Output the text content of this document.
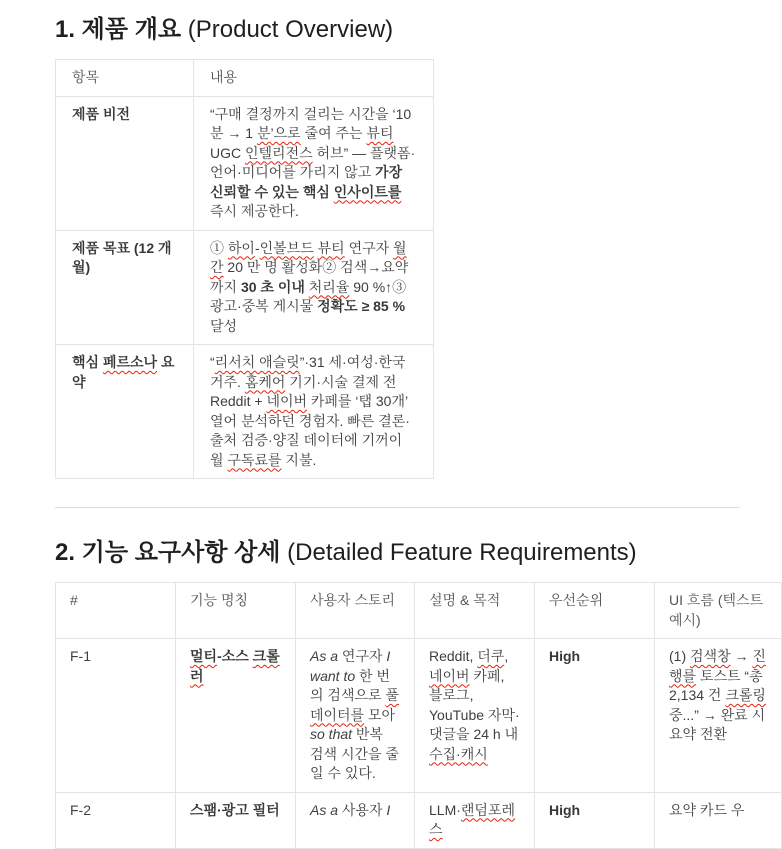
1. 제품 개요 (Product Overview)
항목	내용
제품 비전	“구매 결정까지 걸리는 시간을 ‘10 분 → 1 분’으로 줄여 주는 뷰티 UGC 인텔리전스 허브” — 플랫폼·언어·미디어를 가리지 않고 가장 신뢰할 수 있는 핵심 인사이트를 즉시 제공한다.
제품 목표 (12 개월)	① 하이-인볼브드 뷰티 연구자 월간 20 만 명 활성화② 검색→요약까지 30 초 이내 처리율 90 %↑③ 광고·중복 게시물 정확도 ≥ 85 % 달성
핵심 페르소나 요약	“리서치 애슬릿”·31 세·여성·한국 거주. 홈케어 기기·시술 결제 전 Reddit + 네이버 카페를 ‘탭 30개’ 열어 분석하던 경험자. 빠른 결론·출처 검증·양질 데이터에 기꺼이 월 구독료를 지불.
2. 기능 요구사항 상세 (Detailed Feature Requirements)
#	기능 명칭	사용자 스토리	설명 & 목적	우선순위	UI 흐름 (텍스트 예시)
F-1	멀티-소스 크롤러	As a 연구자 I want to 한 번의 검색으로 풀데이터를 모아 so that 반복 검색 시간을 줄일 수 있다.	Reddit, 더쿠, 네이버 카페, 블로그, YouTube 자막·댓글을 24 h 내 수집·캐시	High	(1) 검색창 → 진행를 토스트 “총 2,134 건 크롤링 중...” → 완료 시 요약 전환
F-2	스팸·광고 필터	As a 사용자 I	LLM·랜덤포레스	High	요약 카드 우
